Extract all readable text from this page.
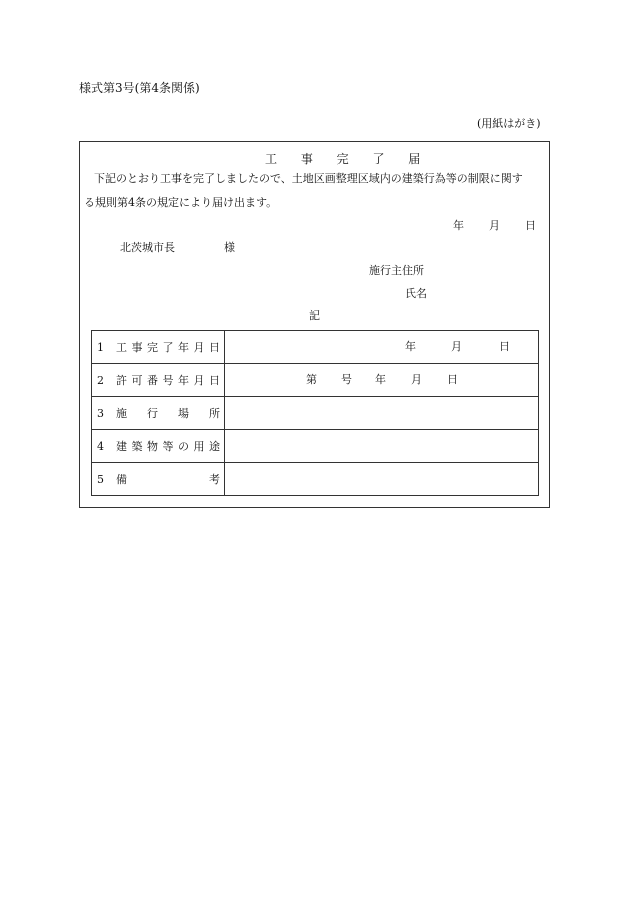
様式第3号(第4条関係)
(用紙はがき)
工 事 完 了 届
下記のとおり工事を完了しましたので、土地区画整理区域内の建築行為等の制限に関す
る規則第4条の規定により届け出ます。
年 月 日
北茨城市長	様
施行主住所
氏名
記
1 工事完了年月日	年 月 日

2 許可番号年月日	第 号 年 月 日

3 施行場所	
4 建築物等の用途	
5 備考	
